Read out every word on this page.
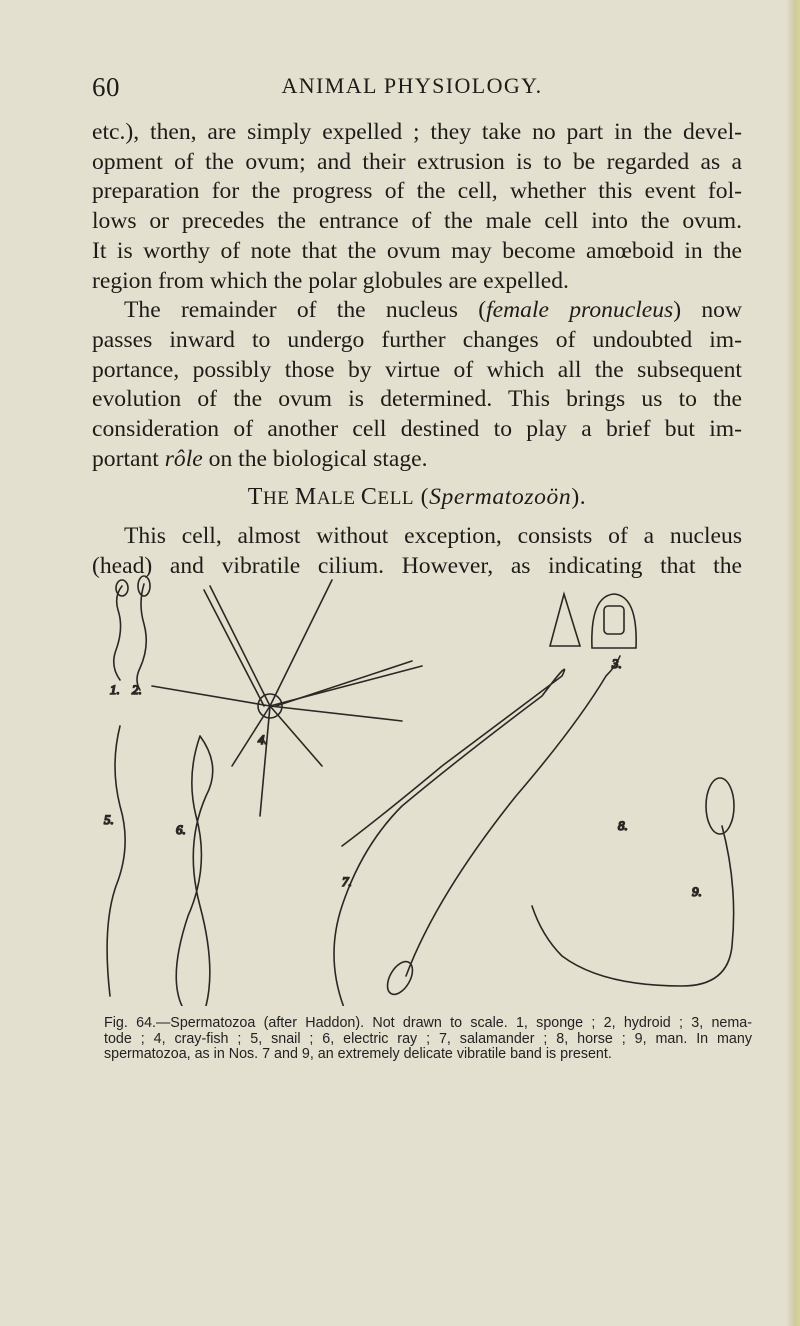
60	ANIMAL PHYSIOLOGY.

etc.), then, are simply expelled ; they take no part in the devel-
opment of the ovum; and their extrusion is to be regarded as a
preparation for the progress of the cell, whether this event fol-
lows or precedes the entrance of the male cell into the ovum.
It is worthy of note that the ovum may become amœboid in the
region from which the polar globules are expelled.

The remainder of the nucleus (female pronucleus) now
passes inward to undergo further changes of undoubted im-
portance, possibly those by virtue of which all the subsequent
evolution of the ovum is determined. This brings us to the
consideration of another cell destined to play a brief but im-
portant rôle on the biological stage.

THE MALE CELL (Spermatozoön).

This cell, almost without exception, consists of a nucleus
(head) and vibratile cilium. However, as indicating that the

1. 2.
4.
3.
5.
6.
7.
8.
9.
Fig. 64.—Spermatozoa (after Haddon). Not drawn to scale. 1, sponge ; 2, hydroid ; 3, nema-
tode ; 4, cray-fish ; 5, snail ; 6, electric ray ; 7, salamander ; 8, horse ; 9, man. In many
spermatozoa, as in Nos. 7 and 9, an extremely delicate vibratile band is present.
